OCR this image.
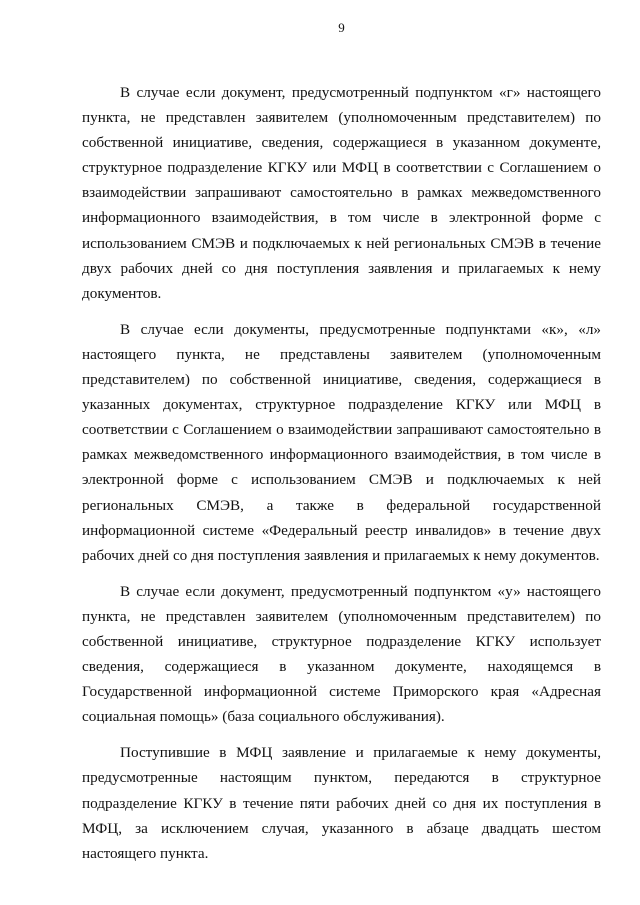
9

В случае если документ, предусмотренный подпунктом «г» настоящего пункта, не представлен заявителем (уполномоченным представителем) по собственной инициативе, сведения, содержащиеся в указанном документе, структурное подразделение КГКУ или МФЦ в соответствии с Соглашением о взаимодействии запрашивают самостоятельно в рамках межведомственного информационного взаимодействия, в том числе в электронной форме с использованием СМЭВ и подключаемых к ней региональных СМЭВ в течение двух рабочих дней со дня поступления заявления и прилагаемых к нему документов.

В случае если документы, предусмотренные подпунктами «к», «л» настоящего пункта, не представлены заявителем (уполномоченным представителем) по собственной инициативе, сведения, содержащиеся в указанных документах, структурное подразделение КГКУ или МФЦ в соответствии с Соглашением о взаимодействии запрашивают самостоятельно в рамках межведомственного информационного взаимодействия, в том числе в электронной форме с использованием СМЭВ и подключаемых к ней региональных СМЭВ, а также в федеральной государственной информационной системе «Федеральный реестр инвалидов» в течение двух рабочих дней со дня поступления заявления и прилагаемых к нему документов.

В случае если документ, предусмотренный подпунктом «у» настоящего пункта, не представлен заявителем (уполномоченным представителем) по собственной инициативе, структурное подразделение КГКУ использует сведения, содержащиеся в указанном документе, находящемся в Государственной информационной системе Приморского края «Адресная социальная помощь» (база социального обслуживания).

Поступившие в МФЦ заявление и прилагаемые к нему документы, предусмотренные настоящим пунктом, передаются в структурное подразделение КГКУ в течение пяти рабочих дней со дня их поступления в МФЦ, за исключением случая, указанного в абзаце двадцать шестом настоящего пункта.
